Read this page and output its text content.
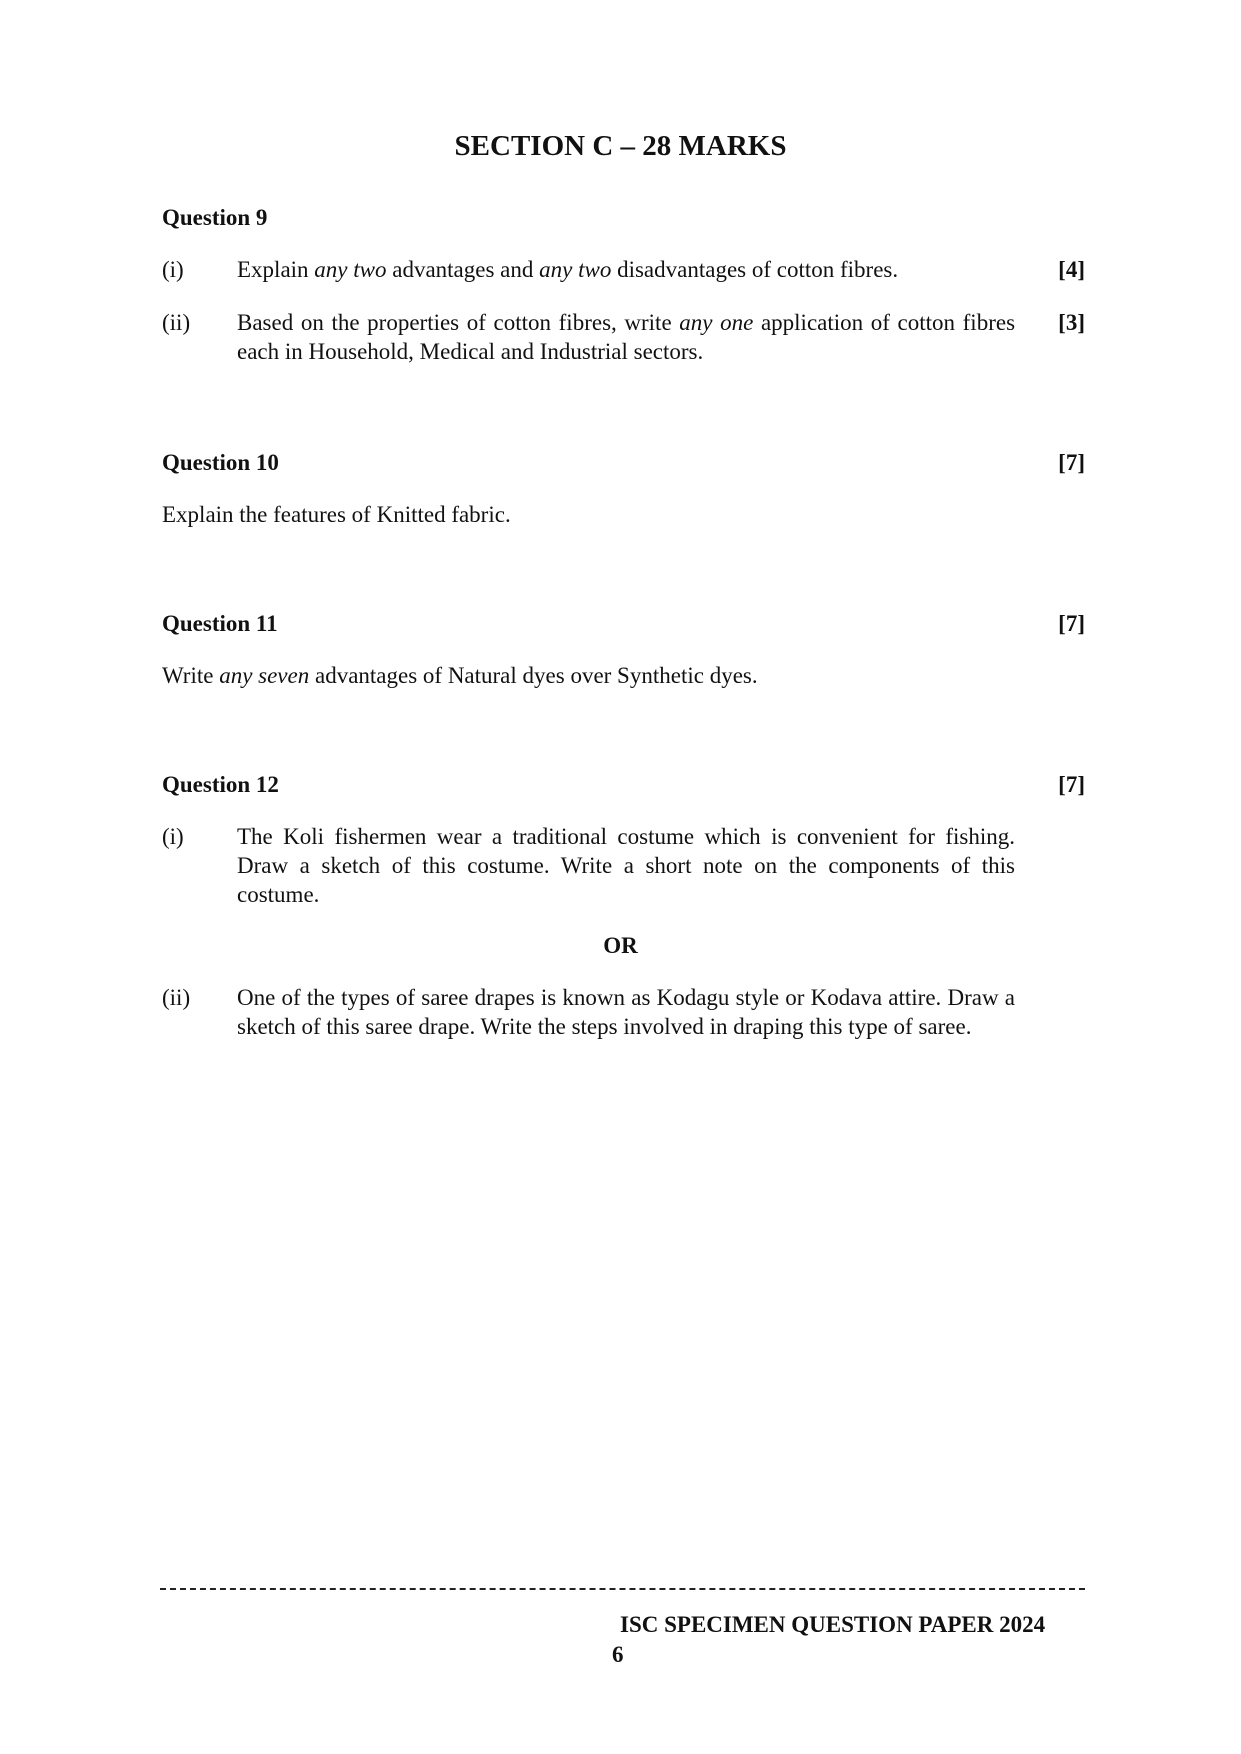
SECTION C – 28 MARKS
Question 9
(i) Explain any two advantages and any two disadvantages of cotton fibres.	[4]
(ii) Based on the properties of cotton fibres, write any one application of cotton fibres each in Household, Medical and Industrial sectors.
[3]
Question 10	[7]
Explain the features of Knitted fabric.
Question 11	[7]
Write any seven advantages of Natural dyes over Synthetic dyes.
Question 12	[7]
(i) The Koli fishermen wear a traditional costume which is convenient for fishing. Draw a sketch of this costume. Write a short note on the components of this costume.
OR
(ii) One of the types of saree drapes is known as Kodagu style or Kodava attire. Draw a sketch of this saree drape. Write the steps involved in draping this type of saree.
ISC SPECIMEN QUESTION PAPER 2024
6
